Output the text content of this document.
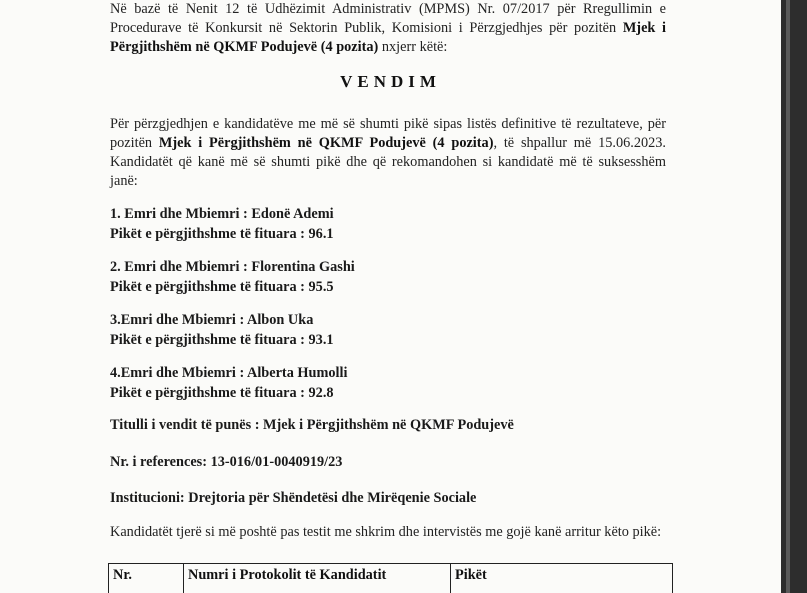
Në bazë të Nenit 12 të Udhëzimit Administrativ (MPMS) Nr. 07/2017 për Rregullimin e Procedurave të Konkursit në Sektorin Publik, Komisioni i Përzgjedhjes për pozitën Mjek i Përgjithshëm në QKMF Podujevë (4 pozita) nxjerr këtë:

VENDIM

Për përzgjedhjen e kandidatëve me më së shumti pikë sipas listës definitive të rezultateve, për pozitën Mjek i Përgjithshëm në QKMF Podujevë (4 pozita), të shpallur më 15.06.2023. Kandidatët që kanë më së shumti pikë dhe që rekomandohen si kandidatë më të suksesshëm janë:

1. Emri dhe Mbiemri : Edonë Ademi
Pikët e përgjithshme të fituara : 96.1

2. Emri dhe Mbiemri : Florentina Gashi
Pikët e përgjithshme të fituara : 95.5

3.Emri dhe Mbiemri : Albon Uka
Pikët e përgjithshme të fituara : 93.1

4.Emri dhe Mbiemri : Alberta Humolli
Pikët e përgjithshme të fituara : 92.8

Titulli i vendit të punës : Mjek i Përgjithshëm në QKMF Podujevë

Nr. i references: 13-016/01-0040919/23

Institucioni: Drejtoria për Shëndetësi dhe Mirëqenie Sociale

Kandidatët tjerë si më poshtë pas testit me shkrim dhe intervistës me gojë kanë arritur këto pikë:

Nr.	Numri i Protokolit të Kandidatit	Pikët
